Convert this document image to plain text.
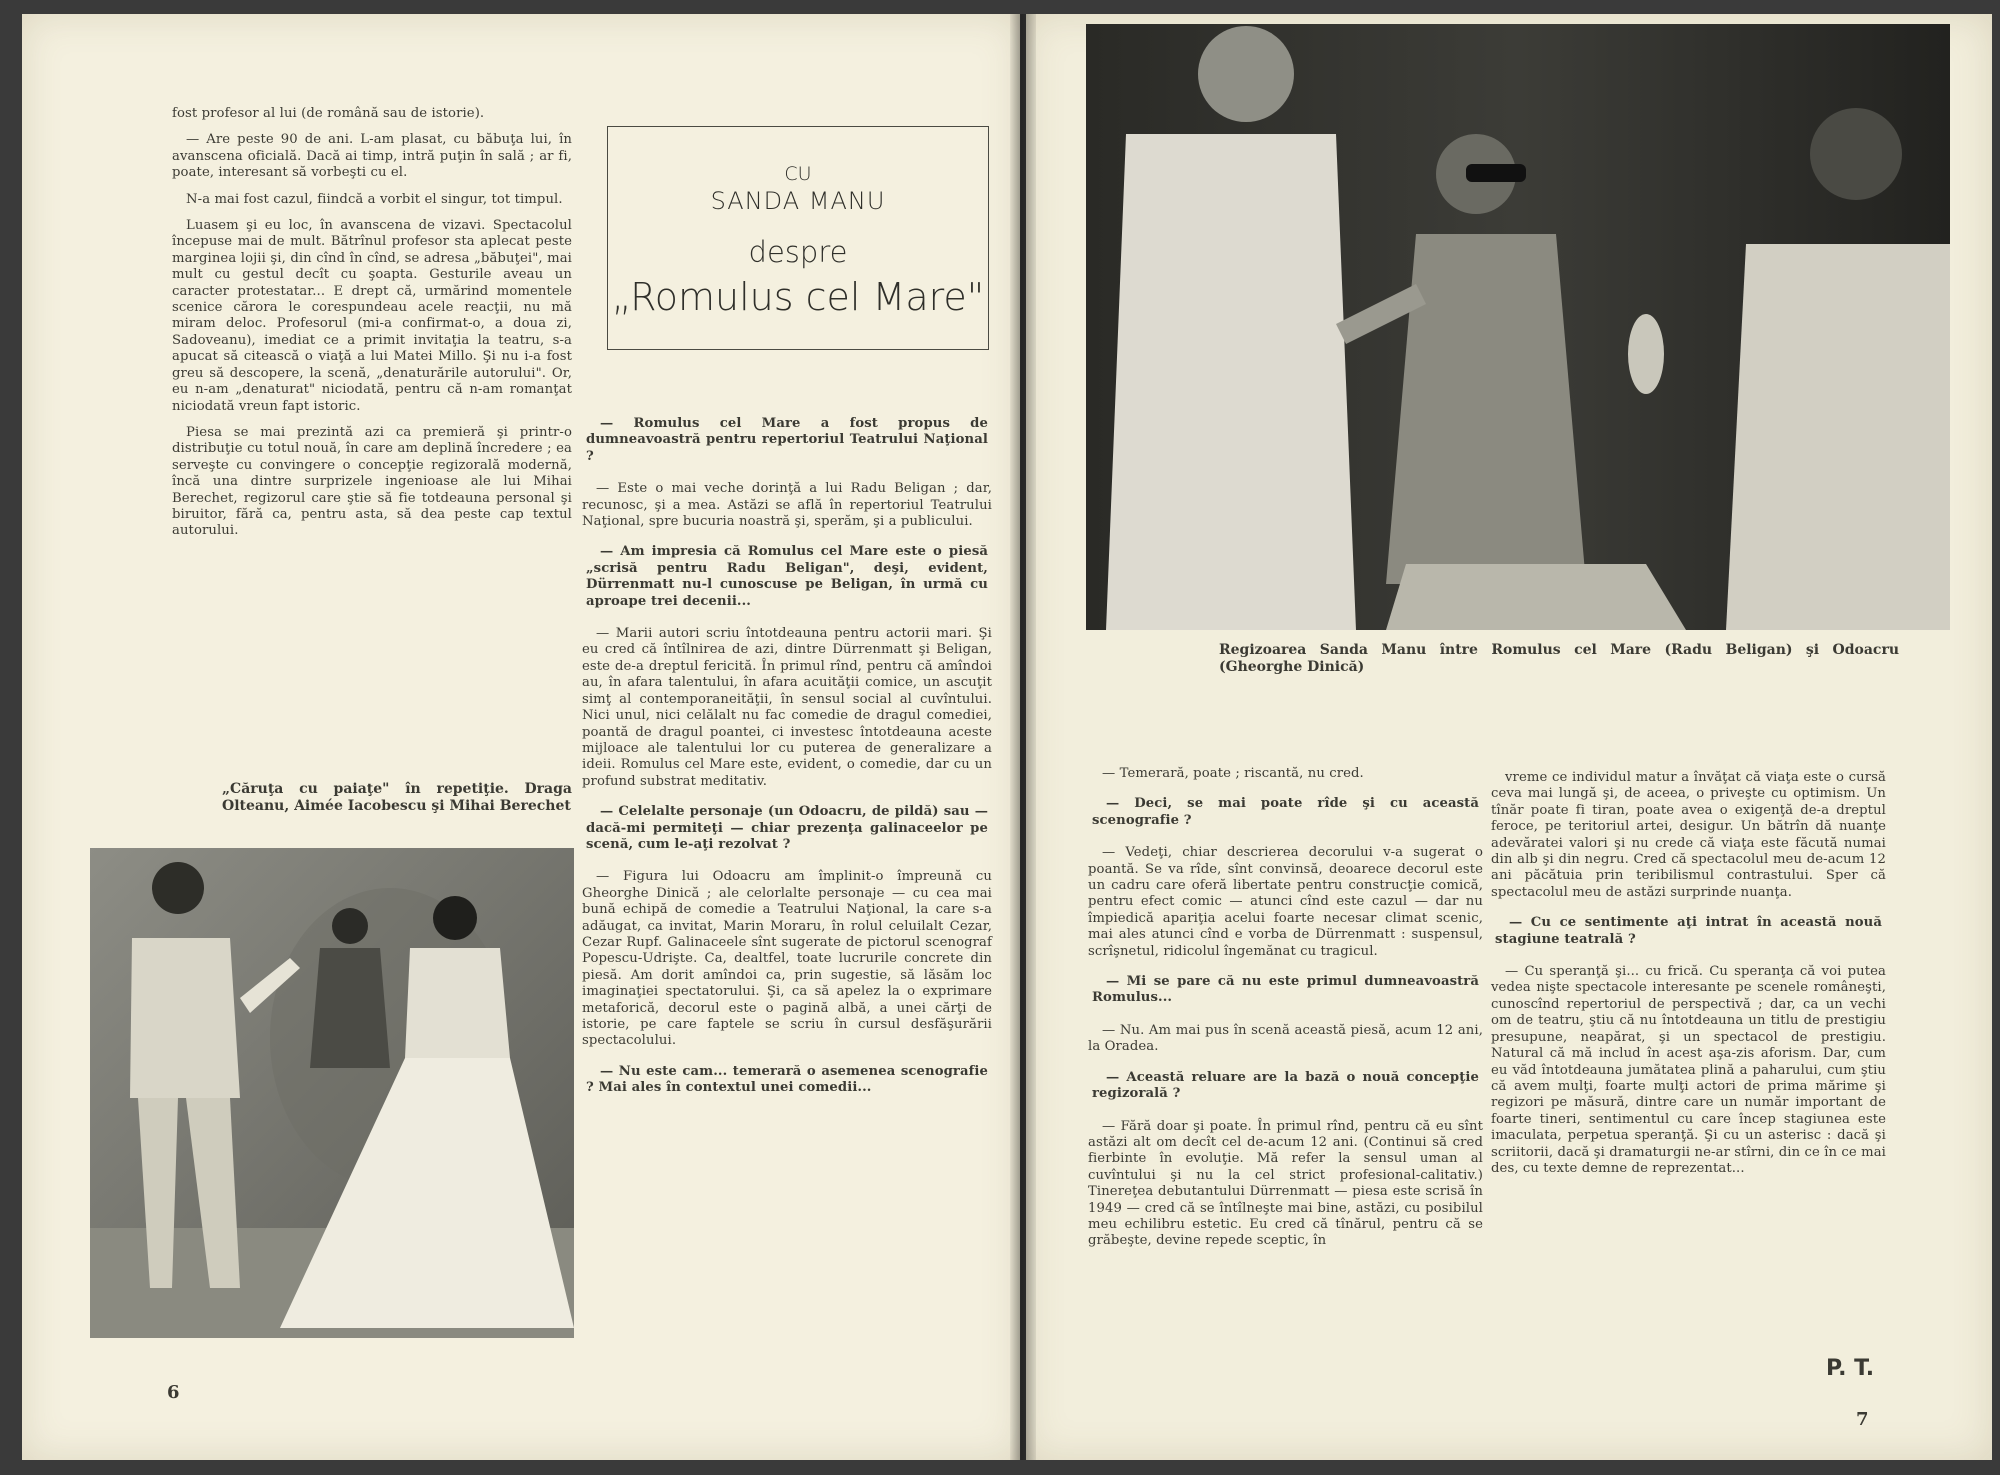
fost profesor al lui (de română sau de istorie).

— Are peste 90 de ani. L-am plasat, cu băbuţa lui, în avanscena oficială. Dacă ai timp, intră puţin în sală ; ar fi, poate, interesant să vorbeşti cu el.

N-a mai fost cazul, fiindcă a vorbit el singur, tot timpul.

Luasem şi eu loc, în avanscena de vizavi. Spectacolul începuse mai de mult. Bătrînul profesor sta aplecat peste marginea lojii şi, din cînd în cînd, se adresa „băbuţei", mai mult cu gestul decît cu şoapta. Gesturile aveau un caracter protestatar... E drept că, urmărind momentele scenice cărora le corespundeau acele reacţii, nu mă miram deloc. Profesorul (mi-a confirmat-o, a doua zi, Sadoveanu), imediat ce a primit invitaţia la teatru, s-a apucat să citească o viaţă a lui Matei Millo. Şi nu i-a fost greu să descopere, la scenă, „denaturările autorului". Or, eu n-am „denaturat" niciodată, pentru că n-am romanţat niciodată vreun fapt istoric.

Piesa se mai prezintă azi ca premieră şi printr-o distribuţie cu totul nouă, în care am deplină încredere ; ea serveşte cu convingere o concepţie regizorală modernă, încă una dintre surprizele ingenioase ale lui Mihai Berechet, regizorul care ştie să fie totdeauna personal şi biruitor, fără ca, pentru asta, să dea peste cap textul autorului.

„Căruţa cu paiaţe" în repetiţie. Draga Olteanu, Aimée Iacobescu şi Mihai Berechet
CU
SANDA MANU
despre
„Romulus cel Mare"

— Romulus cel Mare a fost propus de dumneavoastră pentru repertoriul Teatrului Naţional ?

— Este o mai veche dorinţă a lui Radu Beligan ; dar, recunosc, şi a mea. Astăzi se află în repertoriul Teatrului Naţional, spre bucuria noastră şi, sperăm, şi a publicului.

— Am impresia că Romulus cel Mare este o piesă „scrisă pentru Radu Beligan", deşi, evident, Dürrenmatt nu-l cunoscuse pe Beligan, în urmă cu aproape trei decenii...

— Marii autori scriu întotdeauna pentru actorii mari. Şi eu cred că întîlnirea de azi, dintre Dürrenmatt şi Beligan, este de-a dreptul fericită. În primul rînd, pentru că amîndoi au, în afara talentului, în afara acuităţii comice, un ascuţit simţ al contemporaneităţii, în sensul social al cuvîntului. Nici unul, nici celălalt nu fac comedie de dragul comediei, poantă de dragul poantei, ci investesc întotdeauna aceste mijloace ale talentului lor cu puterea de generalizare a ideii. Romulus cel Mare este, evident, o comedie, dar cu un profund substrat meditativ.

— Celelalte personaje (un Odoacru, de pildă) sau — dacă-mi permiteţi — chiar prezenţa galinaceelor pe scenă, cum le-aţi rezolvat ?

— Figura lui Odoacru am împlinit-o împreună cu Gheorghe Dinică ; ale celorlalte personaje — cu cea mai bună echipă de comedie a Teatrului Naţional, la care s-a adăugat, ca invitat, Marin Moraru, în rolul celuilalt Cezar, Cezar Rupf. Galinaceele sînt sugerate de pictorul scenograf Popescu-Udrişte. Ca, dealtfel, toate lucrurile concrete din piesă. Am dorit amîndoi ca, prin sugestie, să lăsăm loc imaginaţiei spectatorului. Şi, ca să apelez la o exprimare metaforică, decorul este o pagină albă, a unei cărţi de istorie, pe care faptele se scriu în cursul desfăşurării spectacolului.

— Nu este cam... temerară o asemenea scenografie ? Mai ales în contextul unei comedii...

6
Regizoarea Sanda Manu între Romulus cel Mare (Radu Beligan) şi Odoacru (Gheorghe Dinică)

— Temerară, poate ; riscantă, nu cred.

— Deci, se mai poate rîde şi cu această scenografie ?

— Vedeţi, chiar descrierea decorului v-a sugerat o poantă. Se va rîde, sînt convinsă, deoarece decorul este un cadru care oferă libertate pentru construcţie comică, pentru efect comic — atunci cînd este cazul — dar nu împiedică apariţia acelui foarte necesar climat scenic, mai ales atunci cînd e vorba de Dürrenmatt : suspensul, scrîşnetul, ridicolul îngemănat cu tragicul.

— Mi se pare că nu este primul dumneavoastră Romulus...

— Nu. Am mai pus în scenă această piesă, acum 12 ani, la Oradea.

— Această reluare are la bază o nouă concepţie regizorală ?

— Fără doar şi poate. În primul rînd, pentru că eu sînt astăzi alt om decît cel de-acum 12 ani. (Continui să cred fierbinte în evoluţie. Mă refer la sensul uman al cuvîntului şi nu la cel strict profesional-calitativ.) Tinereţea debutantului Dürrenmatt — piesa este scrisă în 1949 — cred că se întîlneşte mai bine, astăzi, cu posibilul meu echilibru estetic. Eu cred că tînărul, pentru că se grăbeşte, devine repede sceptic, în

vreme ce individul matur a învăţat că viaţa este o cursă ceva mai lungă şi, de aceea, o priveşte cu optimism. Un tînăr poate fi tiran, poate avea o exigenţă de-a dreptul feroce, pe teritoriul artei, desigur. Un bătrîn dă nuanţe adevăratei valori şi nu crede că viaţa este făcută numai din alb şi din negru. Cred că spectacolul meu de-acum 12 ani păcătuia prin teribilismul contrastului. Sper că spectacolul meu de astăzi surprinde nuanţa.

— Cu ce sentimente aţi intrat în această nouă stagiune teatrală ?

— Cu speranţă şi... cu frică. Cu speranţa că voi putea vedea nişte spectacole interesante pe scenele româneşti, cunoscînd repertoriul de perspectivă ; dar, ca un vechi om de teatru, ştiu că nu întotdeauna un titlu de prestigiu presupune, neapărat, şi un spectacol de prestigiu. Natural că mă includ în acest aşa-zis aforism. Dar, cum eu văd întotdeauna jumătatea plină a paharului, cum ştiu că avem mulţi, foarte mulţi actori de prima mărime şi regizori pe măsură, dintre care un număr important de foarte tineri, sentimentul cu care încep stagiunea este imaculata, perpetua speranţă. Şi cu un asterisc : dacă şi scriitorii, dacă şi dramaturgii ne-ar stîrni, din ce în ce mai des, cu texte demne de reprezentat...

P. T.
7
